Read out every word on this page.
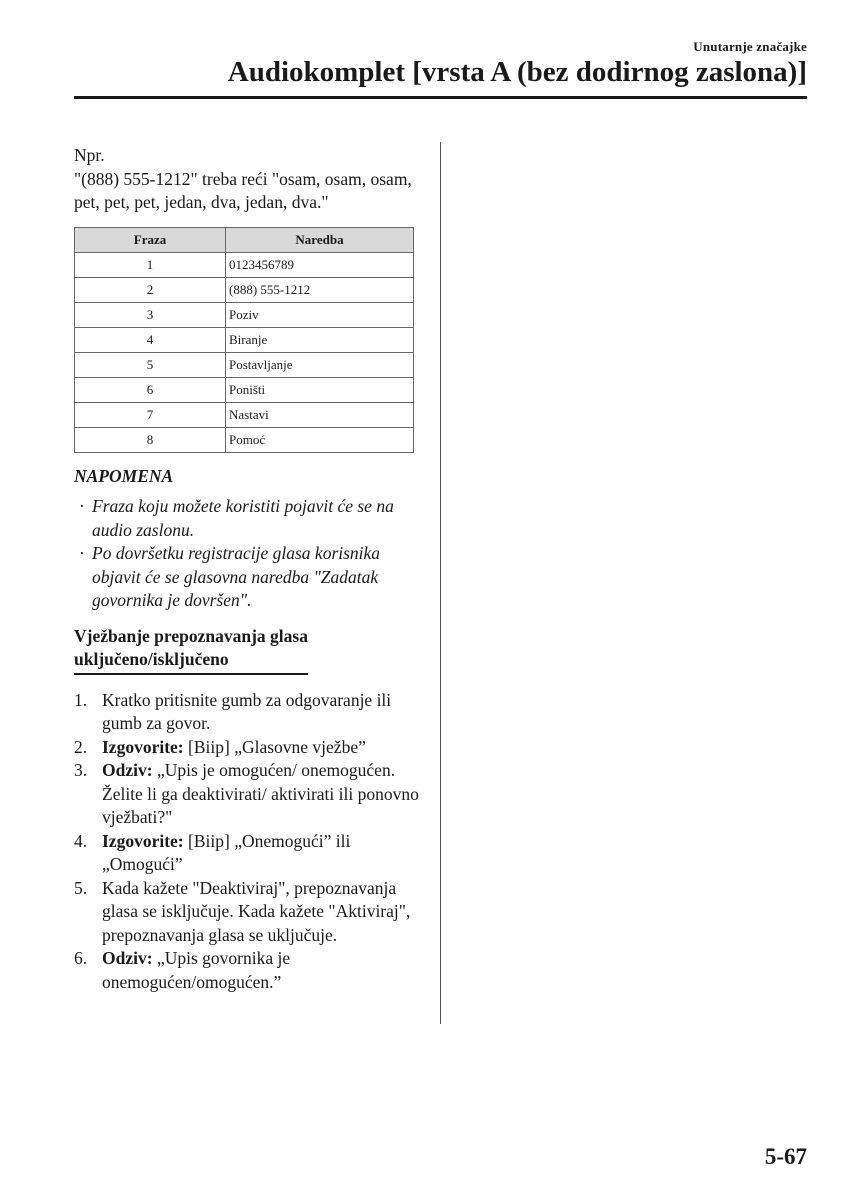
Unutarnje značajke
Audiokomplet [vrsta A (bez dodirnog zaslona)]

Npr.

"(888) 555-1212" treba reći "osam, osam, osam, pet, pet, pet, jedan, dva, jedan, dva."

Fraza	Naredba
1	0123456789
2	(888) 555-1212
3	Poziv
4	Biranje
5	Postavljanje
6	Poništi
7	Nastavi
8	Pomoć
NAPOMENA
· Fraza koju možete koristiti pojavit će se na audio zaslonu.
· Po dovršetku registracije glasa korisnika objavit će se glasovna naredba "Zadatak govornika je dovršen".
Vježbanje prepoznavanja glasa
uključeno/isključeno
1. Kratko pritisnite gumb za odgovaranje ili gumb za govor.
2. Izgovorite: [Biip] „Glasovne vježbe”
3. Odziv: „Upis je omogućen/ onemogućen. Želite li ga deaktivirati/ aktivirati ili ponovno vježbati?"
4. Izgovorite: [Biip] „Onemogući” ili „Omogući”
5. Kada kažete "Deaktiviraj", prepoznavanja glasa se isključuje. Kada kažete "Aktiviraj", prepoznavanja glasa se uključuje.
6. Odziv: „Upis govornika je onemogućen/omogućen.”
5-67
